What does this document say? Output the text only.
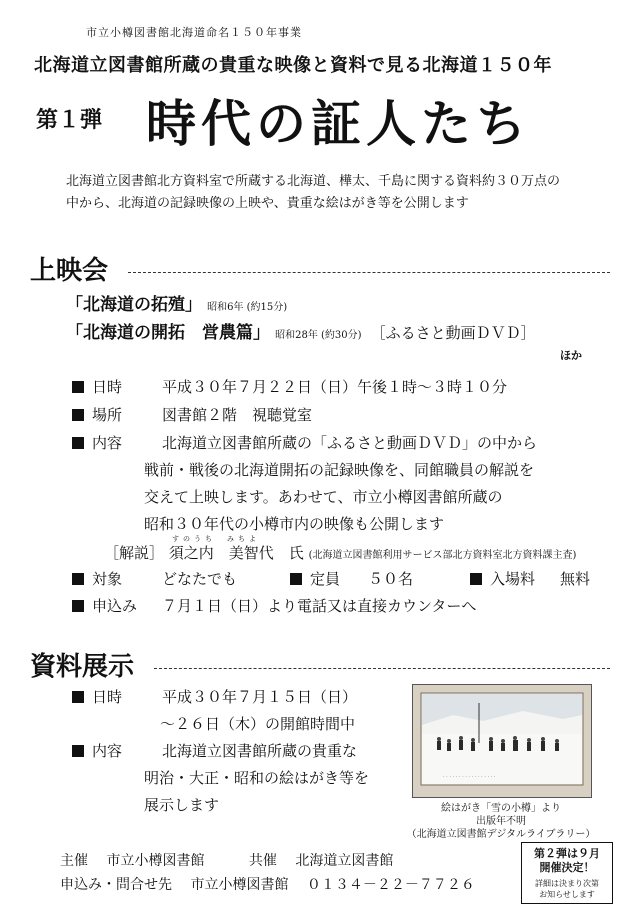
市立小樽図書館北海道命名１５０年事業
北海道立図書館所蔵の貴重な映像と資料で見る北海道１５０年
第１弾 時代の証人たち
北海道立図書館北方資料室で所蔵する北海道、樺太、千島に関する資料約３０万点の
中から、北海道の記録映像の上映や、貴重な絵はがき等を公開します
上映会
「北海道の拓殖」 昭和6年 (約15分)
「北海道の開拓　営農篇」 昭和28年 (約30分) ［ふるさと動画ＤＶＤ］
ほか
日時	平成３０年７月２２日（日）午後１時～３時１０分
場所	図書館２階　視聴覚室
内容	北海道立図書館所蔵の「ふるさと動画ＤＶＤ」の中から
戦前・戦後の北海道開拓の記録映像を、同館職員の解説を
交えて上映します。あわせて、市立小樽図書館所蔵の
昭和３０年代の小樽市内の映像も公開します
すのうち　みちよ
［解説］ 須之内　美智代　氏 (北海道立図書館利用サービス部北方資料室北方資料課主査)
対象	どなたでも	定員 ５０名	入場料 無料
申込み ７月１日（日）より電話又は直接カウンターへ
資料展示
日時	平成３０年７月１５日（日）
～２６日（木）の開館時間中
内容	北海道立図書館所蔵の貴重な
明治・大正・昭和の絵はがき等を
展示します
· · · · · · · · · · · · · · · · ·
絵はがき「雪の小樽」より
出版年不明
（北海道立図書館デジタルライブラリー）
主催 市立小樽図書館	共催 北海道立図書館
申込み・問合せ先 市立小樽図書館 ０１３４－２２－７７２６
第２弾は９月
開催決定！
詳細は決まり次第
お知らせします
